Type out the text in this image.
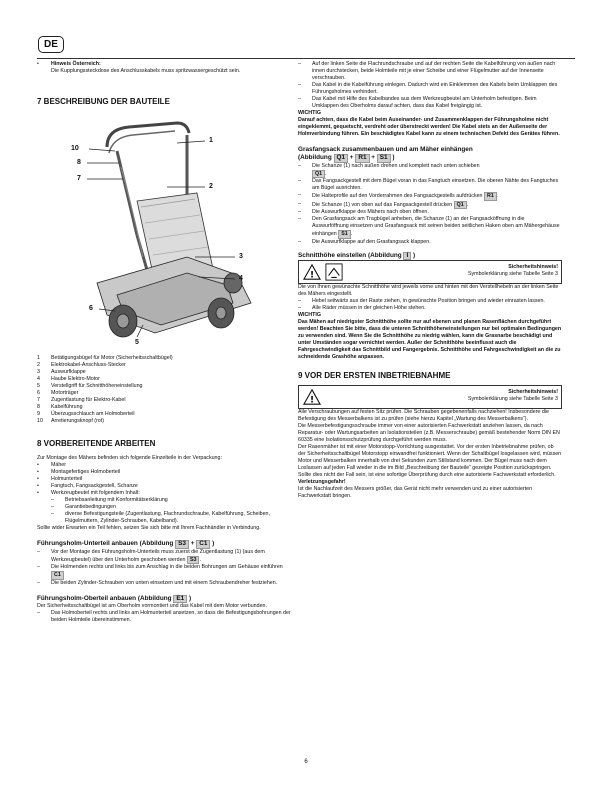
DE
• Hinweis Österreich:
Die Kupplungssteckdose des Anschlusskabels muss spritzwassergeschützt sein.
7 BESCHREIBUNG DER BAUTEILE
10
1
2
8
7
3
4
6
5
1 Betätigungsbügel für Motor (Sicherheitsschaltbügel)
2 Elektrokabel-Anschluss-Stecker
3 Auswurfklappe
4 Haube Elektro-Motor
5 Verstellgriff für Schnitthöheneinstellung
6 Motorträger
7 Zugentlastung für Elektro-Kabel
8 Kabelführung
9 Überzugsschlauch am Holmoberteil
10 Arretierungsknopf (rot)
8 VORBEREITENDE ARBEITEN

Zur Montage des Mähers befinden sich folgende Einzelteile in der Verpackung:

• Mäher
• Montagefertiges Holmoberteil
• Holmunterteil
• Fangtuch, Fangsackgestell, Schanze
• Werkzeugbeutel mit folgendem Inhalt:
– Betriebsanleitung mit Konformitätserklärung
– Garantiebedingungen
– diverse Befestigungsteile (Zugentlastung, Flachrundschraube, Kabelführung, Scheiben, Flügelmuttern, Zylinder-Schrauben, Kabelband).

Sollte wider Erwarten ein Teil fehlen, setzen Sie sich bitte mit Ihrem Fachhändler in Verbindung.

Führungsholm-Unterteil anbauen (Abbildung S3 + C1 )
– Vor der Montage des Führungsholm-Unterteils muss zuerst die Zugentlastung (1) (aus dem Werkzeugbeutel) über den Unterholm geschoben werden S3 .
– Die Holmenden rechts und links bis zum Anschlag in die beiden Bohrungen am Gehäuse einführen C1
– Die beiden Zylinder-Schrauben von unten einsetzen und mit einem Schraubendreher festziehen.
Führungsholm-Oberteil anbauen (Abbildung E1 )

Der Sicherheitsschaltbügel ist am Oberholm vormontiert und das Kabel mit dem Motor verbunden.

– Das Holmoberteil rechts und links am Holmunterteil ansetzen, so dass die Befestigungsbohrungen der beiden Holmteile übereinstimmen.
– Auf der linken Seite die Flachrundschraube und auf der rechten Seite die Kabelführung von außen nach innen durchstecken, beide Holmteile mit je einer Scheibe und einer Flügelmutter auf der Innenseite verschrauben.
– Das Kabel in die Kabelführung einlegen. Dadurch wird ein Einklemmen des Kabels beim Umklappen des Führungsholmes verhindert.
– Das Kabel mit Hilfe des Kabelbandes aus dem Werkzeugbeutel am Unterholm befestigen. Beim Umklappen des Oberholms darauf achten, dass das Kabel freigängig ist.
WICHTIG

Darauf achten, dass die Kabel beim Auseinander- und Zusammenklappen der Führungsholme nicht eingeklemmt, gequetscht, verdreht oder überstreckt werden! Die Kabel stets an der Außenseite der Holmverbindung führen. Ein beschädigtes Kabel kann zu einem technischen Defekt des Gerätes führen.

Grasfangsack zusammenbauen und am Mäher einhängen
(Abbildung Q1 + R1 + S1 )
– Die Schanze (1) nach außen drehen und komplett nach unten schieben
Q1 .
– Das Fangsackgestell mit dem Bügel voran in das Fangtuch einsetzen. Die oberen Nähte des Fangtuches am Bügel ausrichten.
– Die Halteprofile auf den Vorderrahmen des Fangsackgestells aufdrücken R1 .
– Die Schanze (1) von oben auf das Fangsackgestell drücken Q1 .
– Die Auswurfklappe des Mähers nach oben öffnen.
– Den Grasfangsack am Tragbügel anheben, die Schanze (1) an der Fangsacköffnung in die Auswurföffnung einsetzen und Grasfangsack mit seinen beiden seitlichen Haken oben am Mähergehäuse einhängen S1 .
– Die Auswurfklappe auf den Grasfangsack klappen.
Schnitthöhe einstellen (Abbildung I )
!
Sicherheitshinweis!
Symbolerklärung siehe Tabelle Seite 3

Die von Ihnen gewünschte Schnitthöhe wird jeweils vorne und hinten mit den Verstellhebeln an der linken Seite des Mähers eingestellt.

– Hebel seitwärts aus der Raste ziehen, in gewünschte Position bringen und wieder einrasten lassen.
– Alle Räder müssen in der gleichen Höhe stehen.
WICHTIG

Das Mähen auf niedrigster Schnitthöhe sollte nur auf ebenen und planen Rasenflächen durchgeführt werden! Beachten Sie bitte, dass die unteren Schnitthöheneinstellungen nur bei optimalen Bedingungen zu verwenden sind. Wenn Sie die Schnitthöhe zu niedrig wählen, kann die Grasnarbe beschädigt und unter Umständen sogar vernichtet werden. Außer der Schnitthöhe beeinflusst auch die Fahrgeschwindigkeit das Schnittbild und Fangergebnis. Schnitthöhe und Fahrgeschwindigkeit an die zu schneidende Grashöhe anpassen.

9 VOR DER ERSTEN INBETRIEBNAHME
!
Sicherheitshinweis!
Symbolerklärung siehe Tabelle Seite 3

Alle Verschraubungen auf festen Sitz prüfen. Die Schrauben gegebenenfalls nachziehen! Insbesondere die Befestigung des Messerbalkens ist zu prüfen (siehe hierzu Kapitel „Wartung des Messerbalkens“).

Die Messerbefestigungsschraube immer von einer autorisierten Fachwerkstatt anziehen lassen, da nach Reparatur- oder Wartungsarbeiten an Isolationsteilen (z.B. Messerschraube) gemäß bestehender Norm DIN EN 60335 eine Isolationsschutzprüfung durchgeführt werden muss.

Der Rasenmäher ist mit einer Motorstopp-Vorrichtung ausgestattet. Vor der ersten Inbetriebnahme prüfen, ob der Sicherheitsschaltbügel Motorstopp einwandfrei funktioniert. Wenn der Schaltbügel losgelassen wird, müssen Motor und Messerbalken innerhalb von drei Sekunden zum Stillstand kommen. Der Bügel muss nach dem Loslassen auf jeden Fall wieder in die im Bild „Beschreibung der Bauteile“ gezeigte Position zurückspringen. Sollte dies nicht der Fall sein, ist eine sofortige Überprüfung durch eine autorisierte Fachwerkstatt erforderlich.

Verletzungsgefahr!

Ist die Nachlaufzeit des Messers größer, das Gerät nicht mehr verwenden und zu einer autorisierten Fachwerkstatt bringen.

6
